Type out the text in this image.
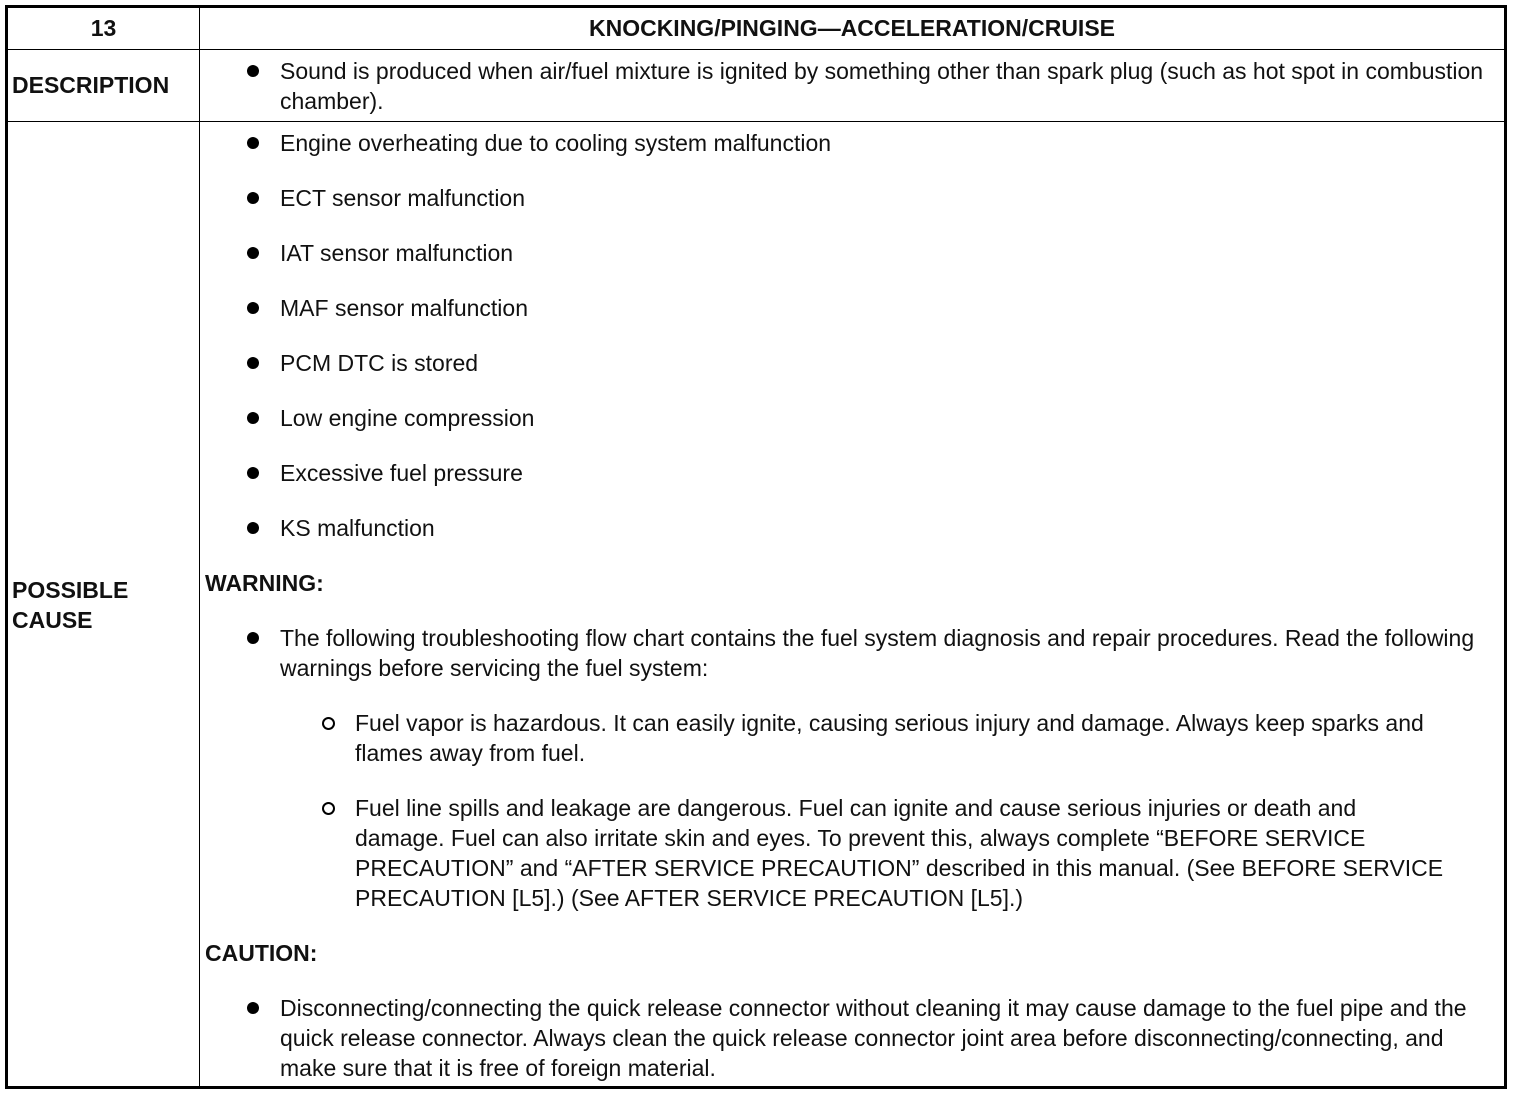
13	KNOCKING/PINGING—ACCELERATION/CRUISE
DESCRIPTION
Sound is produced when air/fuel mixture is ignited by something other than spark plug (such as hot spot in combustion chamber).
POSSIBLE CAUSE
Engine overheating due to cooling system malfunction
ECT sensor malfunction
IAT sensor malfunction
MAF sensor malfunction
PCM DTC is stored
Low engine compression
Excessive fuel pressure
KS malfunction
WARNING:
The following troubleshooting flow chart contains the fuel system diagnosis and repair procedures. Read the following warnings before servicing the fuel system:
Fuel vapor is hazardous. It can easily ignite, causing serious injury and damage. Always keep sparks and flames away from fuel.
Fuel line spills and leakage are dangerous. Fuel can ignite and cause serious injuries or death and damage. Fuel can also irritate skin and eyes. To prevent this, always complete “BEFORE SERVICE PRECAUTION” and “AFTER SERVICE PRECAUTION” described in this manual. (See BEFORE SERVICE PRECAUTION [L5].) (See AFTER SERVICE PRECAUTION [L5].)
CAUTION:
Disconnecting/connecting the quick release connector without cleaning it may cause damage to the fuel pipe and the quick release connector. Always clean the quick release connector joint area before disconnecting/connecting, and make sure that it is free of foreign material.
